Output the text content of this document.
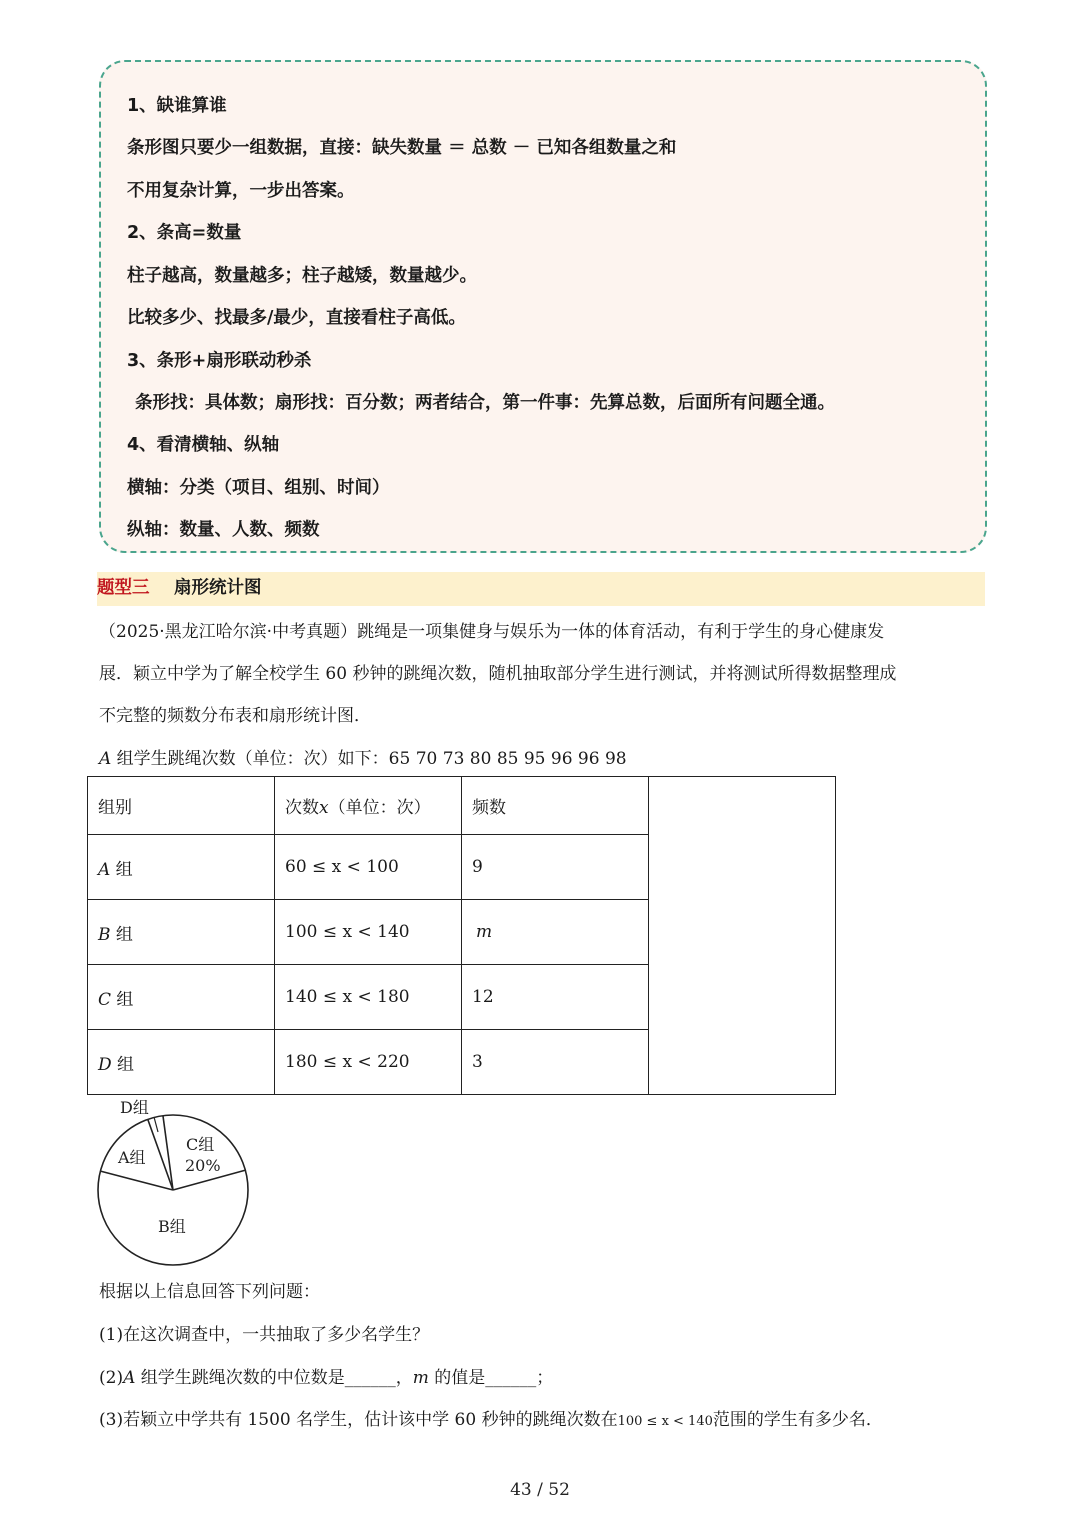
1、缺谁算谁
条形图只要少一组数据，直接：缺失数量 ＝ 总数 － 已知各组数量之和
不用复杂计算，一步出答案。
2、条高=数量
柱子越高，数量越多；柱子越矮，数量越少。
比较多少、找最多/最少，直接看柱子高低。
3、条形+扇形联动秒杀
条形找：具体数；扇形找：百分数；两者结合，第一件事：先算总数，后面所有问题全通。
4、看清横轴、纵轴
横轴：分类（项目、组别、时间）
纵轴：数量、人数、频数
题型三 扇形统计图
（2025·黑龙江哈尔滨·中考真题）跳绳是一项集健身与娱乐为一体的体育活动，有利于学生的身心健康发
展．颖立中学为了解全校学生 60 秒钟的跳绳次数，随机抽取部分学生进行测试，并将测试所得数据整理成
不完整的频数分布表和扇形统计图．
A 组学生跳绳次数（单位：次）如下：65 70 73 80 85 95 96 96 98
组别	次数x（单位：次）	频数	
A 组	60 ≤ x < 100	9	
B 组	100 ≤ x < 140	m	
C 组	140 ≤ x < 180	12	
D 组	180 ≤ x < 220	3	
D组
A组
C组
20%
B组
根据以上信息回答下列问题：
(1)在这次调查中，一共抽取了多少名学生？
(2)A 组学生跳绳次数的中位数是______，m 的值是______；
(3)若颖立中学共有 1500 名学生，估计该中学 60 秒钟的跳绳次数在100 ≤ x < 140范围的学生有多少名．
43 / 52
